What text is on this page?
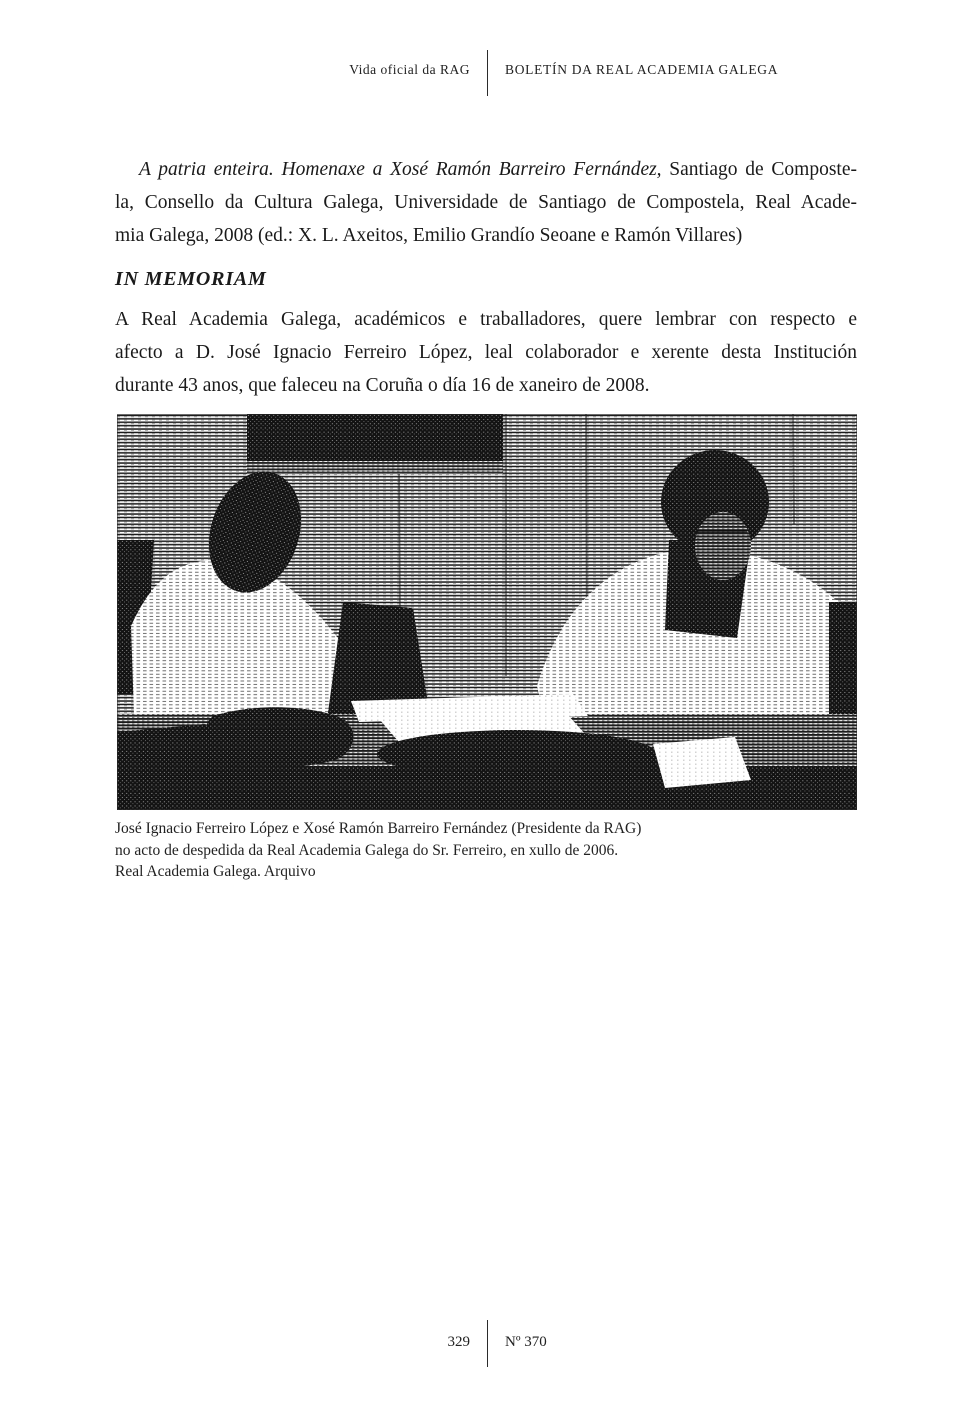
Vida oficial da RAG	BOLETÍN DA REAL ACADEMIA GALEGA
A patria enteira. Homenaxe a Xosé Ramón Barreiro Fernández, Santiago de Composte-
la, Consello da Cultura Galega, Universidade de Santiago de Compostela, Real Acade-
mia Galega, 2008 (ed.: X. L. Axeitos, Emilio Grandío Seoane e Ramón Villares)
IN MEMORIAM
A Real Academia Galega, académicos e traballadores, quere lembrar con respecto e
afecto a D. José Ignacio Ferreiro López, leal colaborador e xerente desta Institución
durante 43 anos, que faleceu na Coruña o día 16 de xaneiro de 2008.
José Ignacio Ferreiro López e Xosé Ramón Barreiro Fernández (Presidente da RAG)
no acto de despedida da Real Academia Galega do Sr. Ferreiro, en xullo de 2006.
Real Academia Galega. Arquivo
329 Nº 370
